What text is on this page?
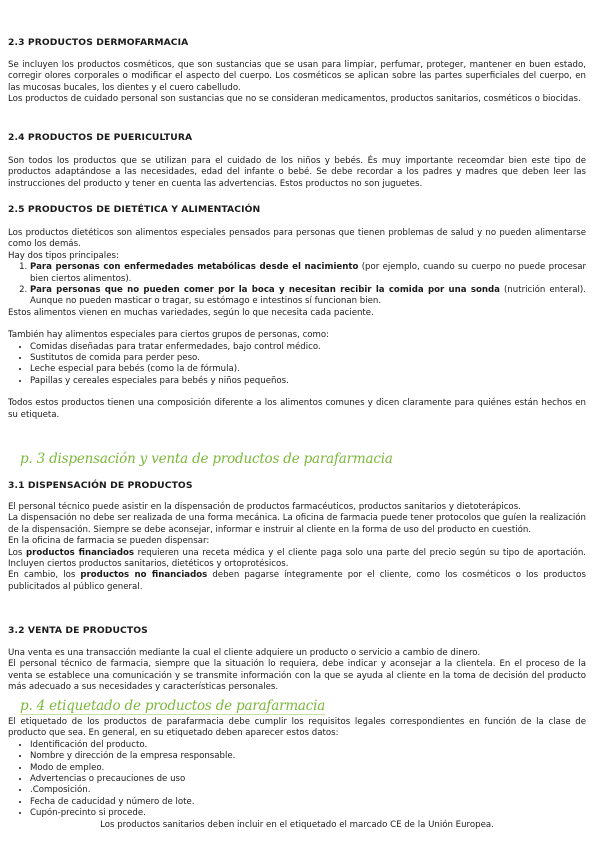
2.3 PRODUCTOS DERMOFARMACIA

Se incluyen los productos cosméticos, que son sustancias que se usan para limpiar, perfumar, proteger, mantener en buen estado, corregir olores corporales o modificar el aspecto del cuerpo. Los cosméticos se aplican sobre las partes superficiales del cuerpo, en las mucosas bucales, los dientes y el cuero cabelludo.

Los productos de cuidado personal son sustancias que no se consideran medicamentos, productos sanitarios, cosméticos o biocidas.

2.4 PRODUCTOS DE PUERICULTURA

Son todos los productos que se utilizan para el cuidado de los niños y bebés. És muy importante receomdar bien este tipo de productos adaptándose a las necesidades, edad del infante o bebé. Se debe recordar a los padres y madres que deben leer las instrucciones del producto y tener en cuenta las advertencias. Estos productos no son juguetes.

2.5 PRODUCTOS DE DIETÉTICA Y ALIMENTACIÓN

Los productos dietéticos son alimentos especiales pensados para personas que tienen problemas de salud y no pueden alimentarse como los demás.

Hay dos tipos principales:

1. Para personas con enfermedades metabólicas desde el nacimiento (por ejemplo, cuando su cuerpo no puede procesar bien ciertos alimentos).
2. Para personas que no pueden comer por la boca y necesitan recibir la comida por una sonda (nutrición enteral). Aunque no pueden masticar o tragar, su estómago e intestinos sí funcionan bien.

Estos alimentos vienen en muchas variedades, según lo que necesita cada paciente.

También hay alimentos especiales para ciertos grupos de personas, como:

• Comidas diseñadas para tratar enfermedades, bajo control médico.
• Sustitutos de comida para perder peso.
• Leche especial para bebés (como la de fórmula).
• Papillas y cereales especiales para bebés y niños pequeños.

Todos estos productos tienen una composición diferente a los alimentos comunes y dicen claramente para quiénes están hechos en su etiqueta.

p. 3 dispensación y venta de productos de parafarmacia
3.1 DISPENSACIÓN DE PRODUCTOS

El personal técnico puede asistir en la dispensación de productos farmacéuticos, productos sanitarios y dietoterápicos.

La dispensación no debe ser realizada de una forma mecánica. La oficina de farmacia puede tener protocolos que guíen la realización de la dispensación. Siempre se debe aconsejar, informar e instruir al cliente en la forma de uso del producto en cuestión.

En la oficina de farmacia se pueden dispensar:

Los productos financiados requieren una receta médica y el cliente paga solo una parte del precio según su tipo de aportación. Incluyen ciertos productos sanitarios, dietéticos y ortoprotésicos.

En cambio, los productos no financiados deben pagarse íntegramente por el cliente, como los cosméticos o los productos publicitados al público general.

3.2 VENTA DE PRODUCTOS

Una venta es una transacción mediante la cual el cliente adquiere un producto o servicio a cambio de dinero.

El personal técnico de farmacia, siempre que la situación lo requiera, debe indicar y aconsejar a la clientela. En el proceso de la venta se establece una comunicación y se transmite información con la que se ayuda al cliente en la toma de decisión del producto más adecuado a sus necesidades y características personales.

p. 4 etiquetado de productos de parafarmacia

El etiquetado de los productos de parafarmacia debe cumplir los requisitos legales correspondientes en función de la clase de producto que sea. En general, en su etiquetado deben aparecer estos datos:

• Identificación del producto.
• Nombre y dirección de la empresa responsable.
• Modo de empleo.
• Advertencias o precauciones de uso
• .Composición.
• Fecha de caducidad y número de lote.
• Cupón-precinto si procede.

Los productos sanitarios deben incluir en el etiquetado el marcado CE de la Unión Europea.
